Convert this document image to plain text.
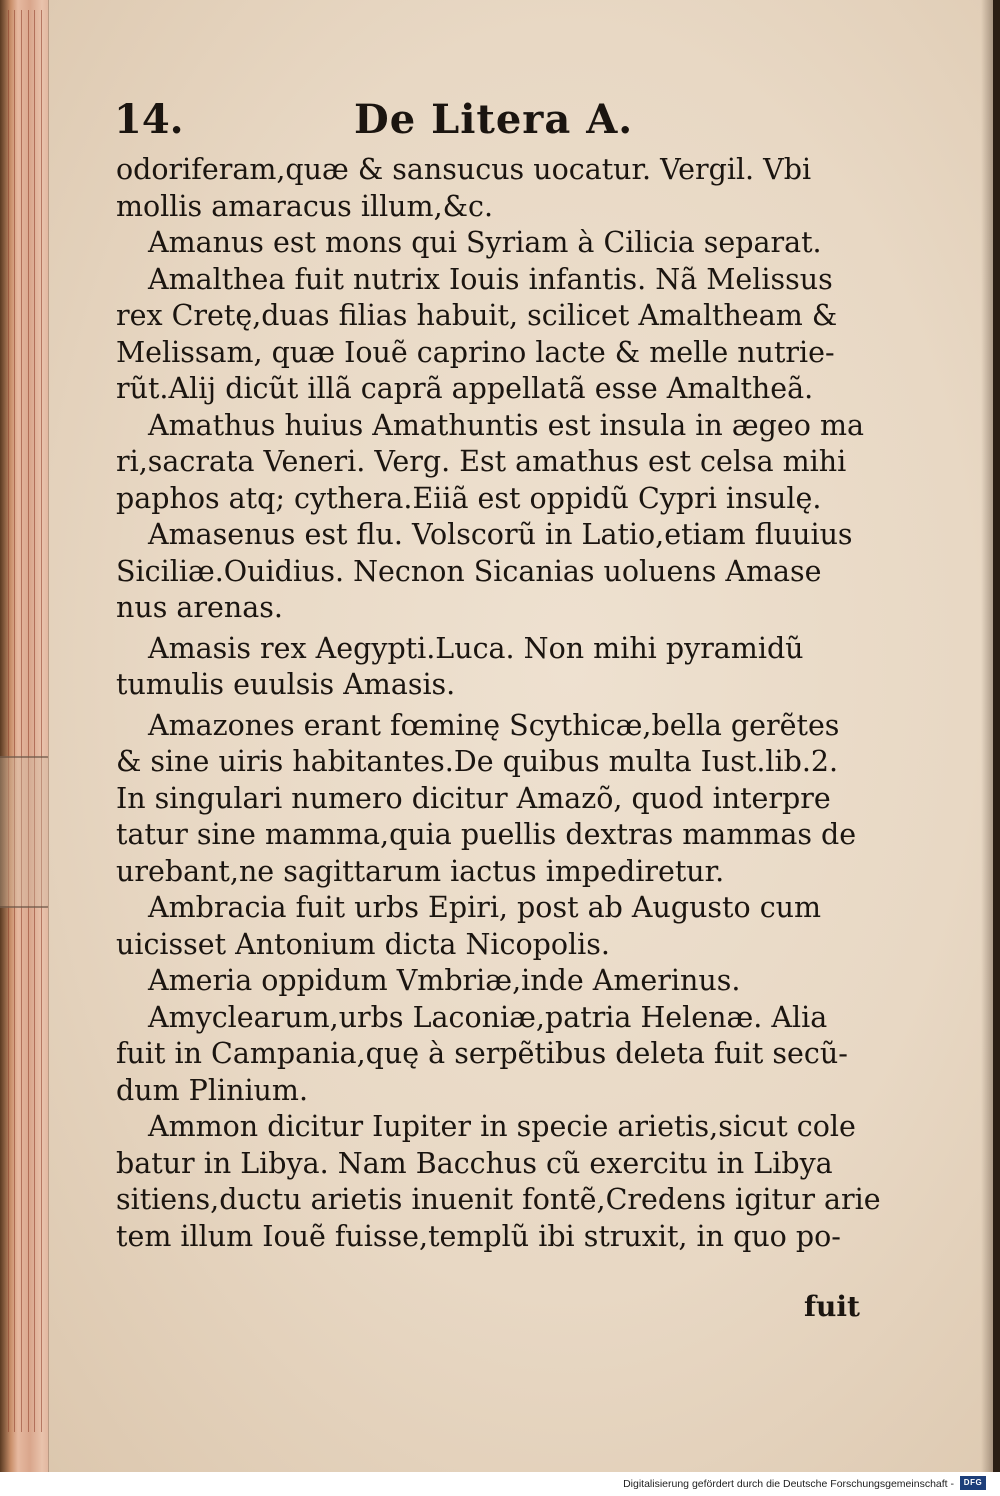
14.	De Litera A.
odoriferam,quæ & sansucus uocatur. Vergil. Vbi
mollis amaracus illum,&c.
Amanus est mons qui Syriam à Cilicia separat.
Amalthea fuit nutrix Iouis infantis. Nã Melissus
rex Cretę,duas filias habuit, scilicet Amaltheam &
Melissam, quæ Iouẽ caprino lacte & melle nutrie-
rũt.Alij dicũt illã caprã appellatã esse Amaltheã.
Amathus huius Amathuntis est insula in ægeo ma
ri,sacrata Veneri. Verg. Est amathus est celsa mihi
paphos atq; cythera.Eiiã est oppidũ Cypri insulę.
Amasenus est flu. Volscorũ in Latio,etiam fluuius
Siciliæ.Ouidius. Necnon Sicanias uoluens Amase
nus arenas.
Amasis rex Aegypti.Luca. Non mihi pyramidũ
tumulis euulsis Amasis.
Amazones erant fœminę Scythicæ,bella gerẽtes
& sine uiris habitantes.De quibus multa Iust.lib.2.
In singulari numero dicitur Amazõ, quod interpre
tatur sine mamma,quia puellis dextras mammas de
urebant,ne sagittarum iactus impediretur.
Ambracia fuit urbs Epiri, post ab Augusto cum
uicisset Antonium dicta Nicopolis.
Ameria oppidum Vmbriæ,inde Amerinus.
Amyclearum,urbs Laconiæ,patria Helenæ. Alia
fuit in Campania,quę à serpẽtibus deleta fuit secũ-
dum Plinium.
Ammon dicitur Iupiter in specie arietis,sicut cole
batur in Libya. Nam Bacchus cũ exercitu in Libya
sitiens,ductu arietis inuenit fontẽ,Credens igitur arie
tem illum Iouẽ fuisse,templũ ibi struxit, in quo po-
fuit
Digitalisierung gefördert durch die Deutsche Forschungsgemeinschaft -	DFG
